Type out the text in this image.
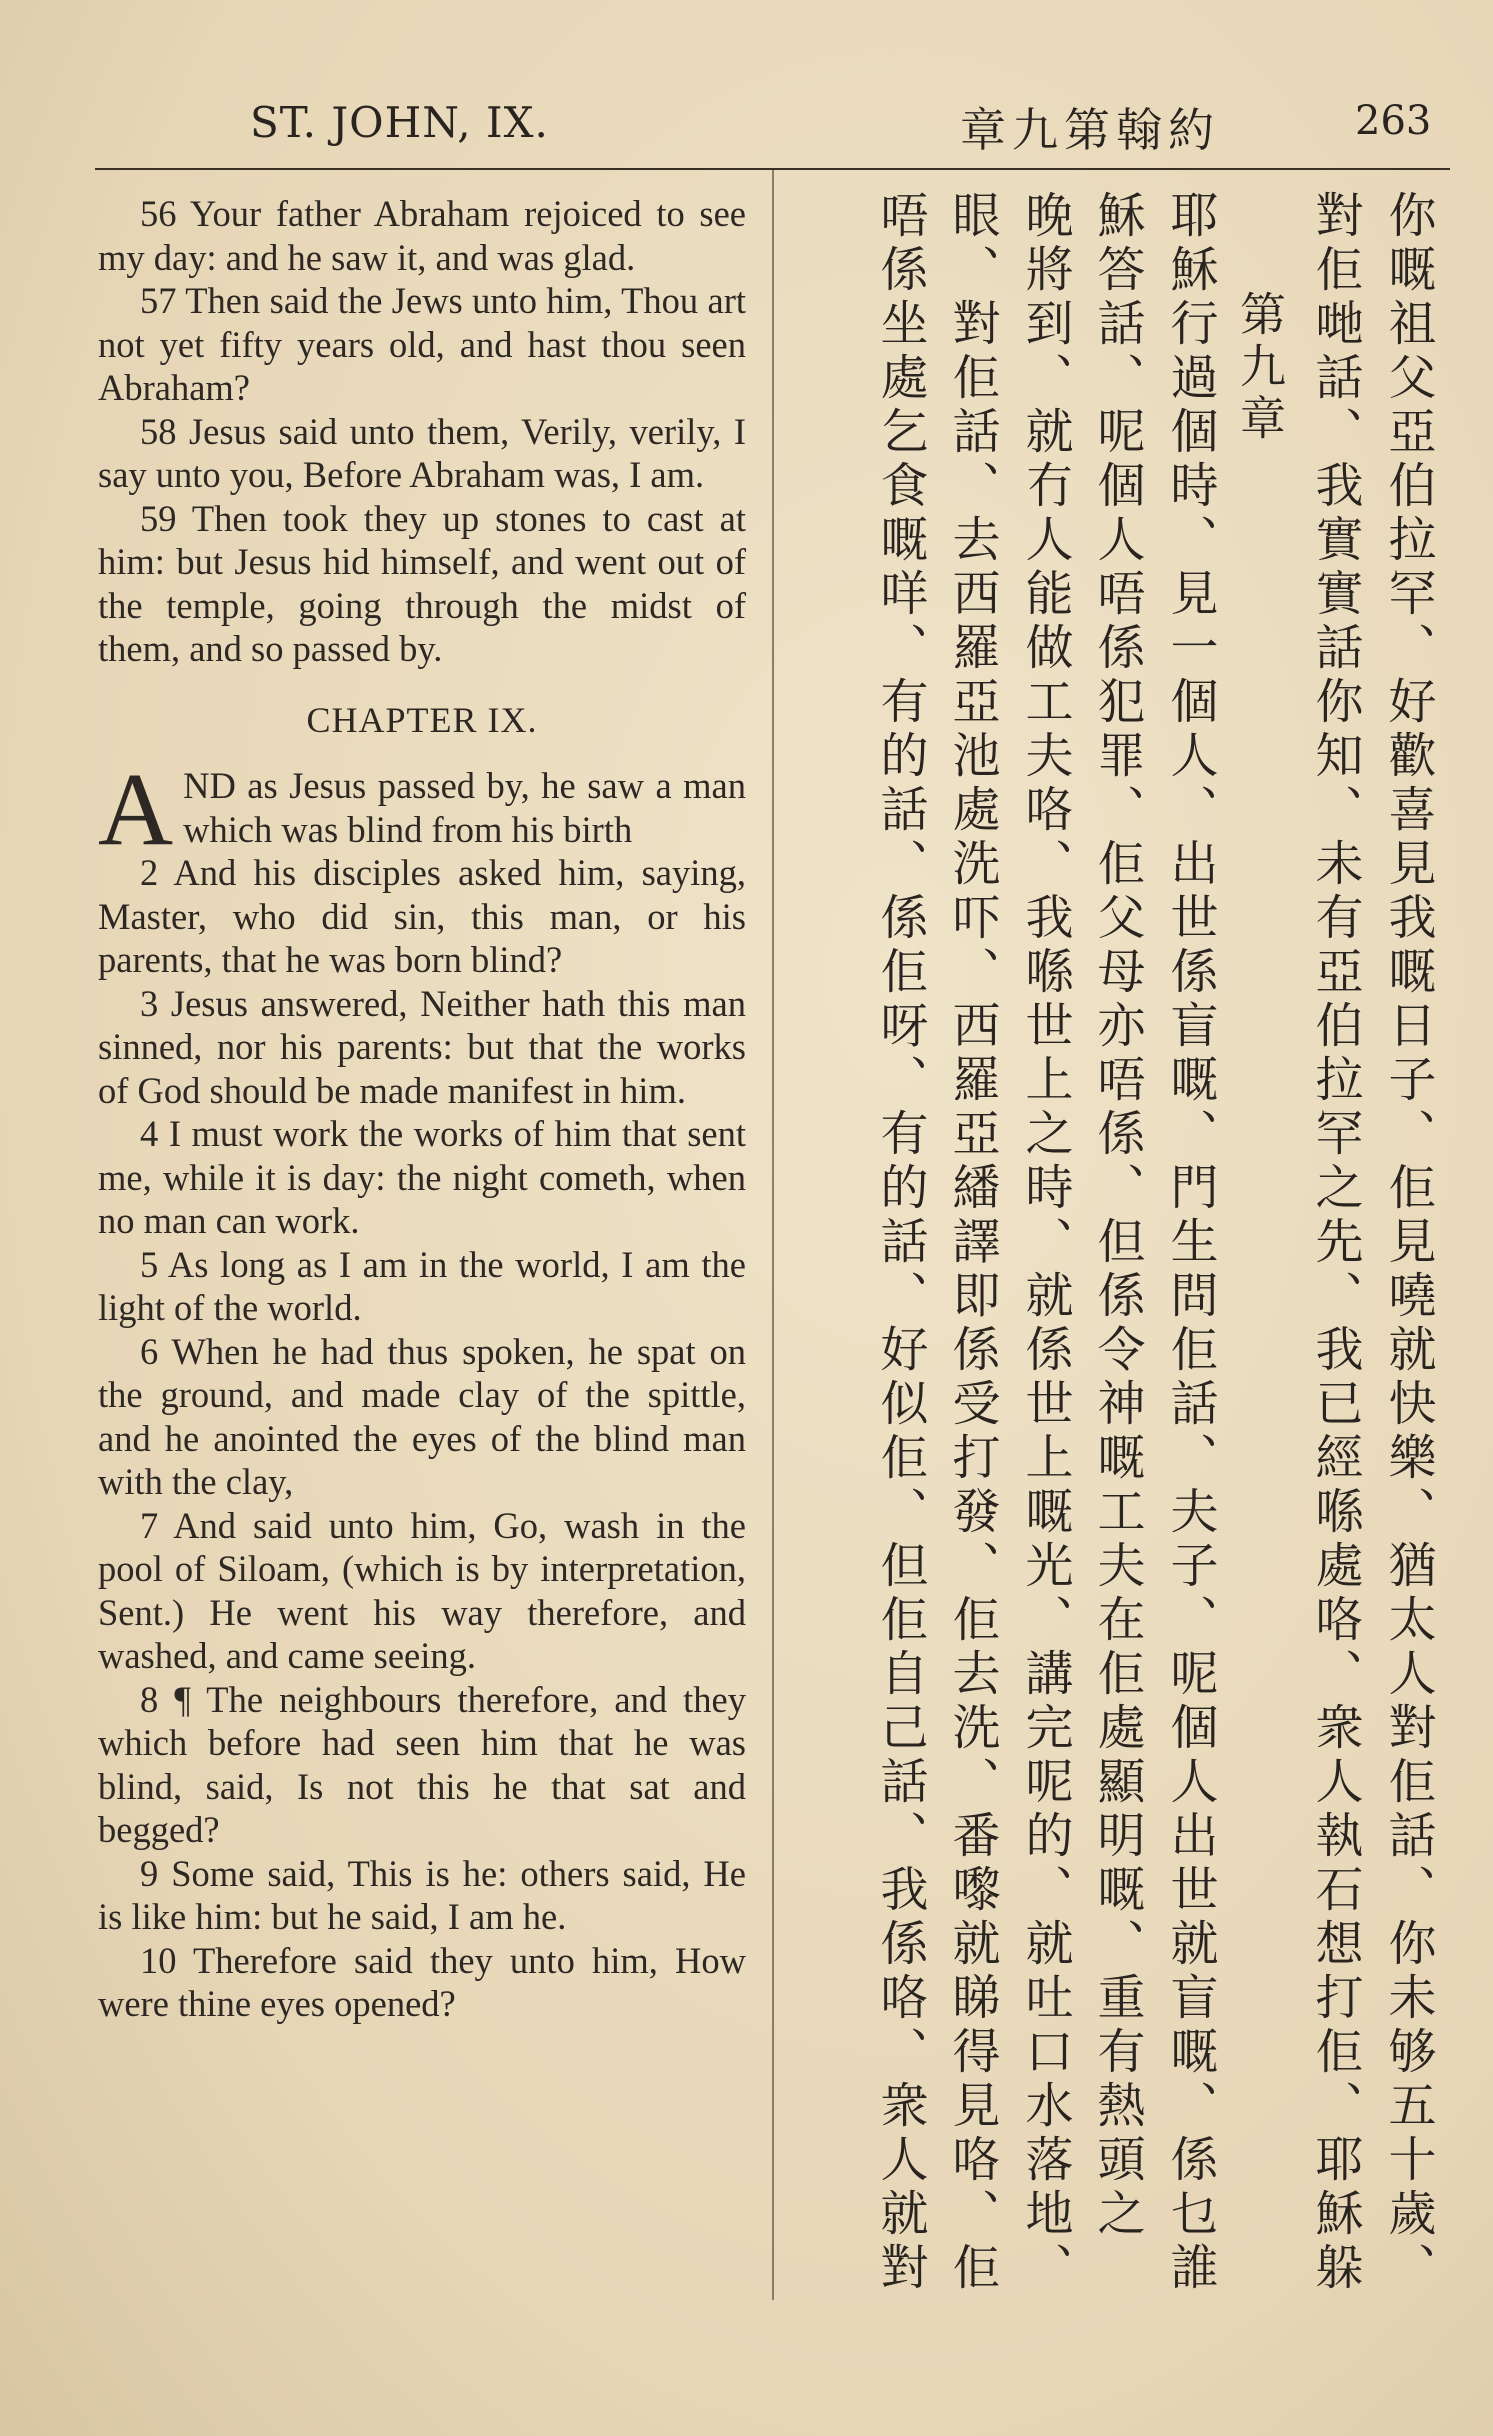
ST. JOHN, IX.	章九第翰約	263

56 Your father Abraham rejoiced to see my day: and he saw it, and was glad.

57 Then said the Jews unto him, Thou art not yet fifty years old, and hast thou seen Abraham?

58 Jesus said unto them, Verily, verily, I say unto you, Before Abraham was, I am.

59 Then took they up stones to cast at him: but Jesus hid himself, and went out of the temple, going through the midst of them, and so passed by.

CHAPTER IX.

AND as Jesus passed by, he saw a man which was blind from his birth

2 And his disciples asked him, saying, Master, who did sin, this man, or his parents, that he was born blind?

3 Jesus answered, Neither hath this man sinned, nor his parents: but that the works of God should be made manifest in him.

4 I must work the works of him that sent me, while it is day: the night cometh, when no man can work.

5 As long as I am in the world, I am the light of the world.

6 When he had thus spoken, he spat on the ground, and made clay of the spittle, and he anointed the eyes of the blind man with the clay,

7 And said unto him, Go, wash in the pool of Siloam, (which is by interpretation, Sent.) He went his way therefore, and washed, and came seeing.

8 ¶ The neighbours therefore, and they which before had seen him that he was blind, said, Is not this he that sat and begged?

9 Some said, This is he: others said, He is like him: but he said, I am he.

10 Therefore said they unto him, How were thine eyes opened?

你嘅祖父亞伯拉罕、好歡喜見我嘅日子、佢見嘵就快樂、猶太人對佢話、你未够五十歲、
對佢哋話、我實實話你知、未有亞伯拉罕之先、我已經喺處咯、衆人執石想打佢、耶穌躲
第九章
耶穌行過個時、見一個人、出世係盲嘅、門生問佢話、夫子、呢個人出世就盲嘅、係乜誰
穌答話、呢個人唔係犯罪、佢父母亦唔係、但係令神嘅工夫在佢處顯明嘅、重有熱頭之
晚將到、就冇人能做工夫咯、我喺世上之時、就係世上嘅光、講完呢的、就吐口水落地、
眼、對佢話、去西羅亞池處洗吓、西羅亞繙譯即係受打發、佢去洗、番嚟就睇得見咯、佢
唔係坐處乞食嘅咩、有的話、係佢呀、有的話、好似佢、但佢自己話、我係咯、衆人就對
